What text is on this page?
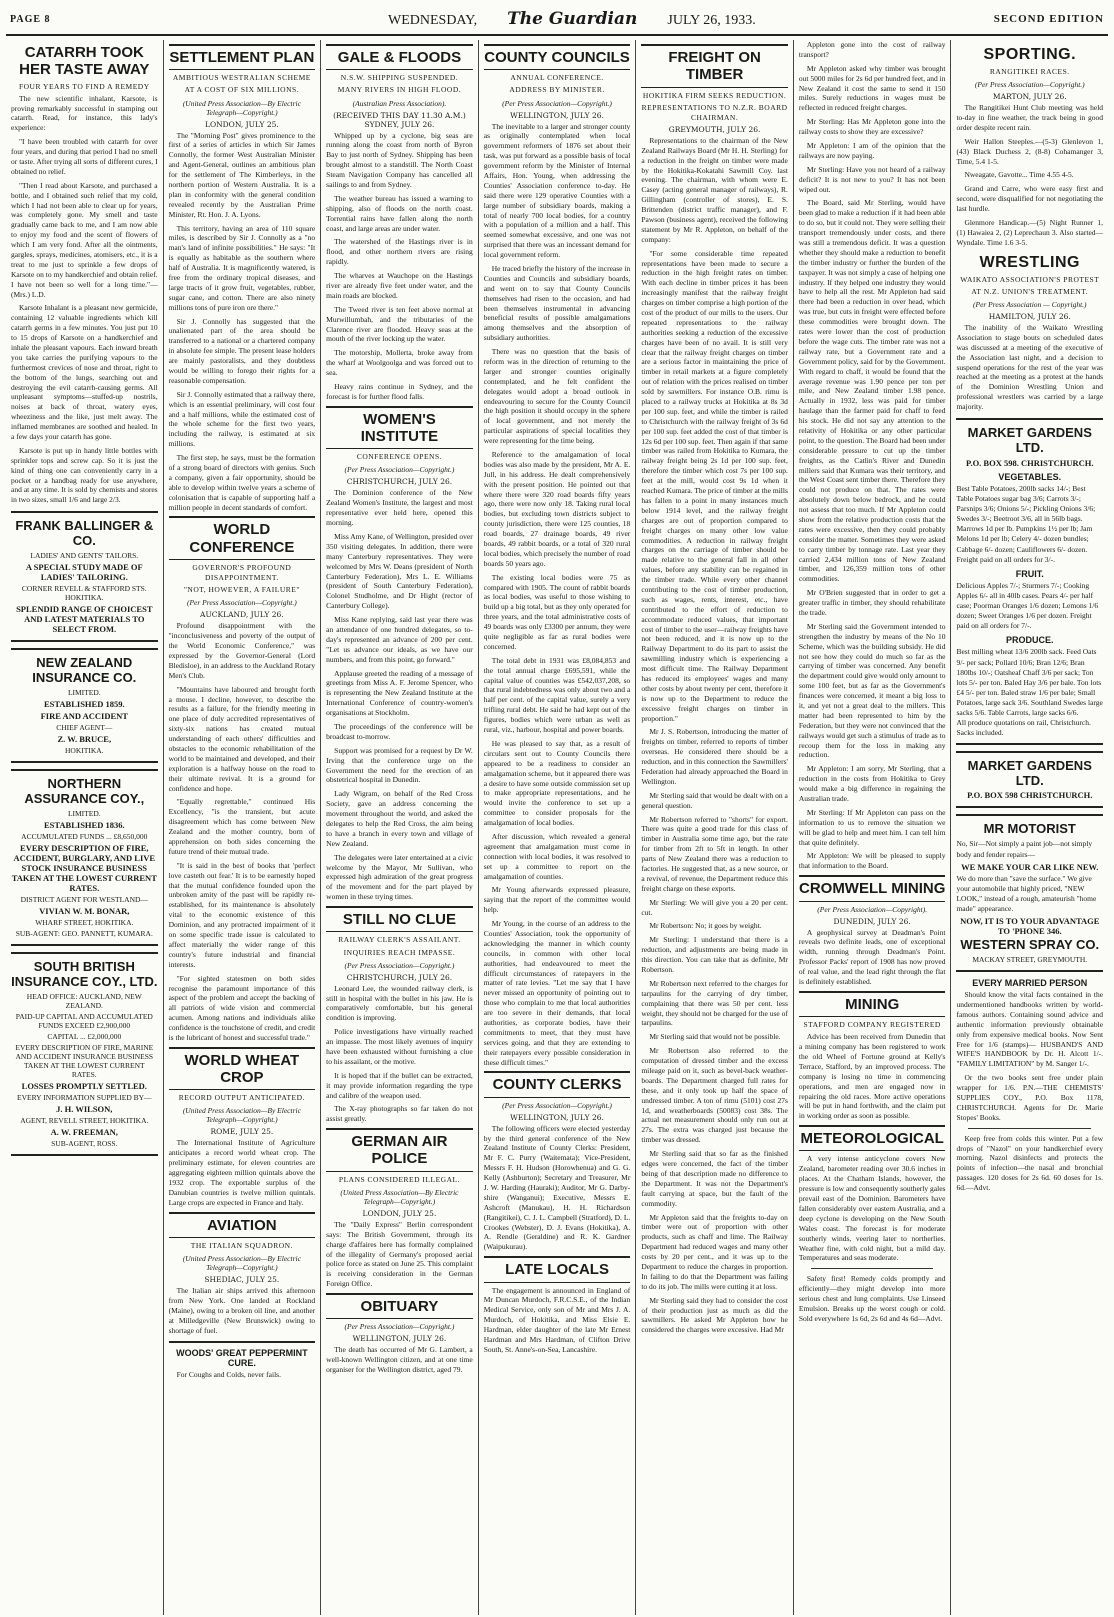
PAGE 8	WEDNESDAY, The Guardian JULY 26, 1933.	SECOND EDITION
CATARRH TOOK HER TASTE AWAY
FOUR YEARS TO FIND A REMEDY

The new scientific inhalant, Karsote, is proving remarkably successful in stamping out catarrh. Read, for instance, this lady's experience:

"I have been troubled with catarrh for over four years, and during that period I had no smell or taste. After trying all sorts of different cures, I obtained no relief.

"Then I read about Karsote, and purchased a bottle, and I obtained such relief that my cold, which I had not been able to clear up for years, was completely gone. My smell and taste gradually came back to me, and I am now able to enjoy my food and the scent of flowers of which I am very fond. After all the ointments, gargles, sprays, medicines, atomisers, etc., it is a treat to me just to sprinkle a few drops of Karsote on to my handkerchief and obtain relief. I have not been so well for a long time."—(Mrs.) L.D.

Karsote Inhalant is a pleasant new germicide, containing 12 valuable ingredients which kill catarrh germs in a few minutes. You just put 10 to 15 drops of Karsote on a handkerchief and inhale the pleasant vapours. Each inward breath you take carries the purifying vapours to the furthermost crevices of nose and throat, right to the bottom of the lungs, searching out and destroying the evil catarrh-causing germs. All unpleasant symptoms—stuffed-up nostrils, noises at back of throat, watery eyes, wheeziness and the like, just melt away. The inflamed membranes are soothed and healed. In a few days your catarrh has gone.

Karsote is put up in handy little bottles with sprinkler tops and screw cap. So it is just the kind of thing one can conveniently carry in a pocket or a handbag ready for use anywhere, and at any time. It is sold by chemists and stores in two sizes, small 1/6 and large 2/3.

FRANK BALLINGER & CO.
LADIES' AND GENTS' TAILORS.
A SPECIAL STUDY MADE OF LADIES' TAILORING.
CORNER REVELL & STAFFORD STS. HOKITIKA.
SPLENDID RANGE OF CHOICEST AND LATEST MATERIALS TO SELECT FROM.
NEW ZEALAND INSURANCE CO.
LIMITED.
ESTABLISHED 1859.
FIRE AND ACCIDENT
CHIEF AGENT—
Z. W. BRUCE,
HOKITIKA.
NORTHERN ASSURANCE COY.,
LIMITED.
ESTABLISHED 1836.
ACCUMULATED FUNDS ... £8,650,000
EVERY DESCRIPTION OF FIRE, ACCIDENT, BURGLARY, AND LIVE STOCK INSURANCE BUSINESS TAKEN AT THE LOWEST CURRENT RATES.
DISTRICT AGENT FOR WESTLAND—
VIVIAN W. M. BONAR,
WHARF STREET, HOKITIKA.
SUB-AGENT: GEO. PANNETT, KUMARA.
SOUTH BRITISH INSURANCE COY., LTD.
HEAD OFFICE: AUCKLAND, NEW ZEALAND.
PAID-UP CAPITAL AND ACCUMULATED FUNDS EXCEED £2,900,000
CAPITAL ... £2,000,000
EVERY DESCRIPTION OF FIRE, MARINE AND ACCIDENT INSURANCE BUSINESS TAKEN AT THE LOWEST CURRENT RATES.
LOSSES PROMPTLY SETTLED.
EVERY INFORMATION SUPPLIED BY—
J. H. WILSON,
AGENT, REVELL STREET, HOKITIKA.
A. W. FREEMAN,
SUB-AGENT, ROSS.
SETTLEMENT PLAN
AMBITIOUS WESTRALIAN SCHEME
AT A COST OF SIX MILLIONS.
(United Press Association—By Electric Telegraph—Copyright.)
LONDON, JULY 25.

The "Morning Post" gives prominence to the first of a series of articles in which Sir James Connolly, the former West Australian Minister and Agent-General, outlines an ambitious plan for the settlement of The Kimberleys, in the northern portion of Western Australia. It is a plan in conformity with the general condition revealed recently by the Australian Prime Minister, Rt. Hon. J. A. Lyons.

This territory, having an area of 110 square miles, is described by Sir J. Connolly as a "no man's land of infinite possibilities." He says: "It is equally as habitable as the southern where half of Australia. It is magnificently watered, is free from the ordinary tropical diseases, and large tracts of it grow fruit, vegetables, rubber, sugar cane, and cotton. There are also ninety millions tons of pure iron ore there."

Sir J. Connolly has suggested that the unalienated part of the area should be transferred to a national or a chartered company in absolute fee simple. The present lease holders are mainly pastoralists, and they doubtless would be willing to forego their rights for a reasonable compensation.

Sir J. Connolly estimated that a railway there, which is an essential preliminary, will cost four and a half millions, while the estimated cost of the whole scheme for the first two years, including the railway, is estimated at six millions.

The first step, he says, must be the formation of a strong board of directors with genius. Such a company, given a fair opportunity, should be able to develop within twelve years a scheme of colonisation that is capable of supporting half a million people in decent standards of comfort.

WORLD CONFERENCE
GOVERNOR'S PROFOUND DISAPPOINTMENT.
"NOT, HOWEVER, A FAILURE"
(Per Press Association—Copyright.)
AUCKLAND, JULY 26.

Profound disappointment with the "inconclusiveness and poverty of the output of the World Economic Conference," was expressed by the Governor-General (Lord Bledisloe), in an address to the Auckland Rotary Men's Club.

"Mountains have laboured and brought forth a mouse. I decline, however, to describe the results as a failure, for the friendly meeting in one place of duly accredited representatives of sixty-six nations has created mutual understanding of each others' difficulties and obstacles to the economic rehabilitation of the world to be maintained and developed, and their exploration is a halfway house on the road to their ultimate revival. It is a ground for confidence and hope.

"Equally regrettable," continued His Excellency, "is the transient, but acute disagreement which has come between New Zealand and the mother country, born of apprehension on both sides concerning the future trend of their mutual trade.

"It is said in the best of books that 'perfect love casteth out fear.' It is to be earnestly hoped that the mutual confidence founded upon the unbroken amity of the past will be rapidly re-established, for its maintenance is absolutely vital to the economic existence of this Dominion, and any protracted impairment of it on some specific trade issue is calculated to affect materially the wider range of this country's future industrial and financial interests.

"For sighted statesmen on both sides recognise the paramount importance of this aspect of the problem and accept the backing of all patriots of wide vision and commercial acumen. Among nations and individuals alike confidence is the touchstone of credit, and credit is the lubricant of honest and successful trade."

WORLD WHEAT CROP
RECORD OUTPUT ANTICIPATED.
(United Press Association—By Electric Telegraph—Copyright.)
ROME, JULY 25.

The International Institute of Agriculture anticipates a record world wheat crop. The preliminary estimate, for eleven countries are aggregating eighteen million quintals above the 1932 crop. The exportable surplus of the Danubian countries is twelve million quintals. Large crops are expected in France and Italy.

AVIATION
THE ITALIAN SQUADRON.
(United Press Association—By Electric Telegraph—Copyright.)
SHEDIAC, JULY 25.

The Italian air ships arrived this afternoon from New York. One landed at Rockland (Maine), owing to a broken oil line, and another at Milledgeville (New Brunswick) owing to shortage of fuel.

WOODS' GREAT PEPPERMINT CURE.

For Coughs and Colds, never fails.

GALE & FLOODS
N.S.W. SHIPPING SUSPENDED.
MANY RIVERS IN HIGH FLOOD.
(Australian Press Association).
(RECEIVED THIS DAY 11.30 A.M.) SYDNEY, JULY 26.

Whipped up by a cyclone, big seas are running along the coast from north of Byron Bay to just north of Sydney. Shipping has been brought almost to a standstill. The North Coast Steam Navigation Company has cancelled all sailings to and from Sydney.

The weather bureau has issued a warning to shipping, also of floods on the north coast. Torrential rains have fallen along the north coast, and large areas are under water.

The watershed of the Hastings river is in flood, and other northern rivers are rising rapidly.

The wharves at Wauchope on the Hastings river are already five feet under water, and the main roads are blocked.

The Tweed river is ten feet above normal at Murwillumbah, and the tributaries of the Clarence river are flooded. Heavy seas at the mouth of the river locking up the water.

The motorship, Mollerta, broke away from the wharf at Woolgoolga and was forced out to sea.

Heavy rains continue in Sydney, and the forecast is for further flood falls.

WOMEN'S INSTITUTE
CONFERENCE OPENS.
(Per Press Association—Copyright.)
CHRISTCHURCH, JULY 26.

The Dominion conference of the New Zealand Women's Institute, the largest and most representative ever held here, opened this morning.

Miss Amy Kane, of Wellington, presided over 350 visiting delegates. In addition, there were many Canterbury representatives. They were welcomed by Mrs W. Deans (president of North Canterbury Federation), Mrs L. E. Williams (president of South Canterbury Federation), Colonel Studholme, and Dr Hight (rector of Canterbury College).

Miss Kane replying, said last year there was an attendance of one hundred delegates, so to-day's represented an advance of 200 per cent. "Let us advance our ideals, as we have our numbers, and from this point, go forward."

Applause greeted the reading of a message of greetings from Miss A. F. Jerome Spencer, who is representing the New Zealand Institute at the International Conference of country-women's organisations at Stockholm.

The proceedings of the conference will be broadcast to-morrow.

Support was promised for a request by Dr W. Irving that the conference urge on the Government the need for the erection of an obstetrical hospital in Dunedin.

Lady Wigram, on behalf of the Red Cross Society, gave an address concerning the movement throughout the world, and asked the delegates to help the Red Cross, the aim being to have a branch in every town and village of New Zealand.

The delegates were later entertained at a civic welcome by the Mayor, Mr Sullivan, who expressed high admiration of the great progress of the movement and for the part played by women in these trying times.

STILL NO CLUE
RAILWAY CLERK'S ASSAILANT.
INQUIRIES REACH IMPASSE.
(Per Press Association—Copyright.)
CHRISTCHURCH, JULY 26.

Leonard Lee, the wounded railway clerk, is still in hospital with the bullet in his jaw. He is comparatively comfortable, but his general condition is improving.

Police investigations have virtually reached an impasse. The most likely avenues of inquiry have been exhausted without furnishing a clue to his assailant, or the motive.

It is hoped that if the bullet can be extracted, it may provide information regarding the type and calibre of the weapon used.

The X-ray photographs so far taken do not assist greatly.

GERMAN AIR POLICE
PLANS CONSIDERED ILLEGAL.
(United Press Association—By Electric Telegraph—Copyright.)
LONDON, JULY 25.

The "Daily Express" Berlin correspondent says: The British Government, through its charge d'affaires here has formally complained of the illegality of Germany's proposed aerial police force as stated on June 25. This complaint is receiving consideration in the German Foreign Office.

OBITUARY
(Per Press Association—Copyright.)
WELLINGTON, JULY 26.

The death has occurred of Mr G. Lambert, a well-known Wellington citizen, and at one time organiser for the Wellington district, aged 79.

COUNTY COUNCILS
ANNUAL CONFERENCE.
ADDRESS BY MINISTER.
(Per Press Association—Copyright.)
WELLINGTON, JULY 26.

The inevitable to a larger and stronger county as originally contemplated when local government reformers of 1876 set about their task, was put forward as a possible basis of local government reform by the Minister of Internal Affairs, Hon. Young, when addressing the Counties' Association conference to-day. He said there were 129 operative Counties with a large number of subsidiary boards, making a total of nearly 700 local bodies, for a country with a population of a million and a half. This seemed somewhat excessive, and one was not surprised that there was an incessant demand for local government reform.

He traced briefly the history of the increase in Counties and Councils and subsidiary boards, and went on to say that County Councils themselves had risen to the occasion, and had been themselves instrumental in advancing beneficial results of possible amalgamations among themselves and the absorption of subsidiary authorities.

There was no question that the basis of reform was in the direction of returning to the larger and stronger counties originally contemplated, and he felt confident the delegates would adopt a broad outlook in endeavouring to secure for the County Council the high position it should occupy in the sphere of local government, and not merely the particular aspirations of special localities they were representing for the time being.

Reference to the amalgamation of local bodies was also made by the president, Mr A. E. Jull, in his address. He dealt comprehensively with the present position. He pointed out that where there were 320 road boards fifty years ago, there were now only 18. Taking rural local bodies, but excluding town districts subject to county jurisdiction, there were 125 counties, 18 road boards, 27 drainage boards, 49 river boards, 49 rabbit boards, or a total of 320 rural local bodies, which precisely the number of road boards 50 years ago.

The existing local bodies were 75 as compared with 1905. The count of rabbit boards as local bodies, was useful to those wishing to build up a big total, but as they only operated for three years, and the total administrative costs of 49 boards was only £3300 per annum, they were quite negligible as far as rural bodies were concerned.

The total debt in 1931 was £8,084,853 and the total annual charge £695,591, while the capital value of counties was £542,037,208, so that rural indebtedness was only about two and a half per cent. of the capital value, surely a very trifling rural debt. He said he had kept out of the figures, bodies which were urban as well as rural, viz., harbour, hospital and power boards.

He was pleased to say that, as a result of circulars sent out to County Councils there appeared to be a readiness to consider an amalgamation scheme, but it appeared there was a desire to have some outside commission set up to make appropriate representations, and he would invite the conference to set up a committee to consider proposals for the amalgamation of local bodies.

After discussion, which revealed a general agreement that amalgamation must come in connection with local bodies, it was resolved to set up a committee to report on the amalgamation of counties.

Mr Young afterwards expressed pleasure, saying that the report of the committee would help.

Mr Young, in the course of an address to the Counties' Association, took the opportunity of acknowledging the manner in which county councils, in common with other local authorities, had endeavoured to meet the difficult circumstances of ratepayers in the matter of rate levies. "Let me say that I have never missed an opportunity of pointing out to those who complain to me that local authorities are too severe in their demands, that local authorities, as corporate bodies, have their commitments to meet, that they must have services going, and that they are extending to their ratepayers every possible consideration in these difficult times."

COUNTY CLERKS
(Per Press Association—Copyright.)
WELLINGTON, JULY 26.

The following officers were elected yesterday by the third general conference of the New Zealand Institute of County Clerks: President, Mr F. C. Purry (Waitemata); Vice-President, Messrs F. H. Hudson (Horowhenua) and G. G. Kelly (Ashburton); Secretary and Treasurer, Mr J. W. Harding (Hauraki); Auditor, Mr G. Darby-shire (Wanganui); Executive, Messrs E. Ashcroft (Manukau), H. H. Richardson (Rangitikei), C. J. L. Campbell (Stratford), D. L. Crookes (Webster), D. J. Evans (Hokitika), A. A. Rendle (Geraldine) and R. K. Gardner (Waipukurau).

LATE LOCALS

The engagement is announced in England of Mr Duncan Murdoch, F.R.C.S.E., of the Indian Medical Service, only son of Mr and Mrs J. A. Murdoch, of Hokitika, and Miss Elsie E. Hardman, elder daughter of the late Mr Ernest Hardman and Mrs Hardman, of Clifton Drive South, St. Anne's-on-Sea, Lancashire.

FREIGHT ON TIMBER
HOKITIKA FIRM SEEKS REDUCTION.
REPRESENTATIONS TO N.Z.R. BOARD CHAIRMAN.
GREYMOUTH, JULY 26.

Representations to the chairman of the New Zealand Railways Board (Mr H. H. Sterling) for a reduction in the freight on timber were made by the Hokitika-Kokatahi Sawmill Coy. last evening. The chairman, with whom were E. Casey (acting general manager of railways), R. Gillingham (controller of stores), E. S. Brittenden (district traffic manager), and F. Pawson (business agent), received the following statement by Mr R. Appleton, on behalf of the company:

"For some considerable time repeated representations have been made to secure a reduction in the high freight rates on timber. With each decline in timber prices it has been increasingly manifest that the railway freight charges on timber comprise a high portion of the cost of the product of our mills to the users. Our repeated representations to the railway authorities seeking a reduction of the excessive charges have been of no avail. It is still very clear that the railway freight charges on timber are a serious factor in maintaining the price of timber in retail markets at a figure completely out of relation with the prices realised on timber sold by sawmillers. For instance O.B. rimu is placed to a railway trucks at Hokitika at 8s 3d per 100 sup. feet, and while the timber is railed to Christchurch with the railway freight of 3s 6d per 100 sup. feet added the cost of that timber is 12s 6d per 100 sup. feet. Then again if that same timber was railed from Hokitika to Kumara, the railway freight being 2s 1d per 100 sup. feet, therefore the timber which cost 7s per 100 sup. feet at the mill, would cost 9s 1d when it reached Kumara. The price of timber at the mills has fallen to a point in many instances much below 1914 level, and the railway freight charges are out of proportion compared to freight charges on many other low value commodities. A reduction in railway freight charges on the carriage of timber should be made relative to the general fall in all other values, before any stability can be regained in the timber trade. While every other channel contributing to the cost of timber production, such as wages, rents, interest, etc., have contributed to the effort of reduction to accommodate reduced values, that important cost of timber to the user—railway freights have not been reduced, and it is now up to the Railway Department to do its part to assist the sawmilling industry which is experiencing a most difficult time. The Railway Department has reduced its employees' wages and many other costs by about twenty per cent, therefore it is now up to the Department to reduce the excessive freight charges on timber in proportion."

Mr J. S. Robertson, introducing the matter of freights on timber, referred to reports of timber overseas. He considered there should be a reduction, and in this connection the Sawmillers' Federation had already approached the Board in Wellington.

Mr Sterling said that would be dealt with on a general question.

Mr Robertson referred to "shorts" for export. There was quite a good trade for this class of timber in Australia some time ago, but the rate for timber from 2ft to 5ft in length. In other parts of New Zealand there was a reduction to factories. He suggested that, as a new source, or a revival, of revenue, the Department reduce this freight charge on these exports.

Mr Sterling: We will give you a 20 per cent. cut.

Mr Robertson: No; it goes by weight.

Mr Sterling: I understand that there is a reduction, and adjustments are being made in this direction. You can take that as definite, Mr Robertson.

Mr Robertson next referred to the charges for tarpaulins for the carrying of dry timber, complaining that there was 50 per cent. less weight, they should not be charged for the use of tarpaulins.

Mr Sterling said that would not be possible.

Mr Robertson also referred to the computation of dressed timber and the excess mileage paid on it, such as bevel-back weather-boards. The Department charged full rates for these, and it only took up half the space of undressed timber. A ton of rimu (5101) cost 27s 1d, and weatherboards (50083) cost 38s. The actual net measurement should only run out at 27s. The extra was charged just because the timber was dressed.

Mr Sterling said that so far as the finished edges were concerned, the fact of the timber being of that description made no difference to the Department. It was not the Department's fault carrying at space, but the fault of the commodity.

Mr Appleton said that the freights to-day on timber were out of proportion with other products, such as chaff and lime. The Railway Department had reduced wages and many other costs by 20 per cent., and it was up to the Department to reduce the charges in proportion. In failing to do that the Department was failing to do its job. The mills were cutting it at loss.

Mr Sterling said they had to consider the cost of their production just as much as did the sawmillers. He asked Mr Appleton how he considered the charges were excessive. Had Mr

Appleton gone into the cost of railway transport?

Mr Appleton asked why timber was brought out 5000 miles for 2s 6d per hundred feet, and in New Zealand it cost the same to send it 150 miles. Surely reductions in wages must be reflected in reduced freight charges.

Mr Sterling: Has Mr Appleton gone into the railway costs to show they are excessive?

Mr Appleton: I am of the opinion that the railways are now paying.

Mr Sterling: Have you not heard of a railway deficit? It is not new to you? It has not been wiped out.

The Board, said Mr Sterling, would have been glad to make a reduction if it had been able to do so, but it could not. They were selling their transport tremendously under costs, and there was still a tremendous deficit. It was a question whether they should make a reduction to benefit the timber industry or further the burden of the taxpayer. It was not simply a case of helping one industry. If they helped one industry they would have to help all the rest. Mr Appleton had said there had been a reduction in over head, which was true, but cuts in freight were effected before these commodities were brought down. The rates were lower than the cost of production before the wage cuts. The timber rate was not a railway rate, but a Government rate and a Government policy, said for by the Government. With regard to chaff, it would be found that the average revenue was 1.90 pence per ton per mile, and New Zealand timber 1.98 pence. Actually in 1932, less was paid for timber haulage than the farmer paid for chaff to feed his stock. He did not say any attention to the relativity of Hokitika or any other particular point, to the question. The Board had been under considerable pressure to cut up the timber freights, as the Catlin's River and Dunedin millers said that Kumara was their territory, and the West Coast sent timber there. Therefore they could not produce on that. The rates were absolutely down below bedrock, and he could not assess that too much. If Mr Appleton could show from the relative production costs that the rates were excessive, then they could probably consider the matter. Sometimes they were asked to carry timber by tonnage rate. Last year they carried 2,434 million tons of New Zealand timber, and 126,359 million tons of other commodities.

Mr O'Brien suggested that in order to get a greater traffic in timber, they should rehabilitate the trade.

Mr Sterling said the Government intended to strengthen the industry by means of the No 10 Scheme, which was the building subsidy. He did not see how they could do much so far as the carrying of timber was concerned. Any benefit the department could give would only amount to some 100 feet, but as far as the Government's finances were concerned, it meant a big loss to it, and yet not a great deal to the millers. This matter had been represented to him by the Federation, but they were not convinced that the railways would get such a stimulus of trade as to recoup them for the loss in making any reduction.

Mr Appleton: I am sorry, Mr Sterling, that a reduction in the costs from Hokitika to Grey would make a big difference in regaining the Australian trade.

Mr Sterling: If Mr Appleton can pass on the information to us to remove the situation we will be glad to help and meet him. I can tell him that quite definitely.

Mr Appleton: We will be pleased to supply that information to the Board.

CROMWELL MINING
(Per Press Association—Copyright).
DUNEDIN, JULY 26.

A geophysical survey at Deadman's Point reveals two definite leads, one of exceptional width, running through Deadman's Point. Professor Packs' report of 1908 has now proved of real value, and the lead right through the flat is definitely established.

MINING
STAFFORD COMPANY REGISTERED

Advice has been received from Dunedin that a mining company has been registered to work the old Wheel of Fortune ground at Kelly's Terrace, Stafford, by an improved process. The company is losing no time in commencing operations, and men are engaged now in repairing the old races. More active operations will be put in hand forthwith, and the claim put in working order as soon as possible.

METEOROLOGICAL

A very intense anticyclone covers New Zealand, barometer reading over 30.6 inches in places. At the Chatham Islands, however, the pressure is low and consequently southerly gales prevail east of the Dominion. Barometers have fallen considerably over eastern Australia, and a deep cyclone is developing on the New South Wales coast. The forecast is for moderate southerly winds, veering later to northerlies. Weather fine, with cold night, but a mild day. Temperatures and seas moderate.

Safety first! Remedy colds promptly and efficiently—they might develop into more serious chest and lung complaints. Use Linseed Emulsion. Breaks up the worst cough or cold. Sold everywhere 1s 6d, 2s 6d and 4s 6d—Advt.

SPORTING.
RANGITIKEI RACES.
(Per Press Association—Copyright.)
MARTON, JULY 26.

The Rangitikei Hunt Club meeting was held to-day in fine weather, the track being in good order despite recent rain.

Weir Hallon Steeples.—(5-3) Glenlevon 1, (43) Black Duchess 2, (8-8) Cohamanger 3, Time, 5.4 1-5.

Nweagate, Gavotte... Time 4.55 4-5.

Grand and Carre, who were easy first and second, were disqualified for not negotiating the last hurdle.

Glenmore Handicap.—(5) Night Runner 1, (1) Hawaiea 2, (2) Leprechaun 3. Also started—Wyndale. Time 1.6 3-5.

WRESTLING
WAIKATO ASSOCIATION'S PROTEST
AT N.Z. UNION'S TREATMENT.
(Per Press Association — Copyright.)
HAMILTON, JULY 26.

The inability of the Waikato Wrestling Association to stage bouts on scheduled dates was discussed at a meeting of the executive of the Association last night, and a decision to suspend operations for the rest of the year was reached at the meeting as a protest at the hands of the Dominion Wrestling Union and professional wrestlers was carried by a large majority.

MARKET GARDENS LTD.
P.O. BOX 598. CHRISTCHURCH.
VEGETABLES.

Best Table Potatoes, 200lb sacks 14/-; Best Table Potatoes sugar bag 3/6; Carrots 3/-; Parsnips 3/6; Onions 5/-; Pickling Onions 3/6; Swedes 3/-; Beetroot 3/6, all in 56lb bags. Marrows 1d per lb. Pumpkins 1½ per lb; Jam Melons 1d per lb; Celery 4/- dozen bundles; Cabbage 6/- dozen; Cauliflowers 6/- dozen. Freight paid on all orders for 3/-.

FRUIT.

Delicious Apples 7/-; Sturmers 7/-; Cooking Apples 6/- all in 40lb cases. Pears 4/- per half case; Poorman Oranges 1/6 dozen; Lemons 1/6 dozen; Sweet Oranges 1/6 per dozen. Freight paid on all orders for 7/-.

PRODUCE.

Best milling wheat 13/6 200lb sack. Feed Oats 9/- per sack; Pollard 10/6; Bran 12/6; Bran 180lbs 10/-; Oatsheaf Chaff 3/6 per sack; Ton lots 5/- per ton. Baled Hay 3/6 per bale. Ton lots £4 5/- per ton. Baled straw 1/6 per bale; Small Potatoes, large sack 3/6. Southland Swedes large sacks 5/6. Table Carrots, large sacks 6/6.

All produce quotations on rail, Christchurch. Sacks included.

MARKET GARDENS LTD.
P.O. BOX 598 CHRISTCHURCH.
MR MOTORIST

No, Sir—Not simply a paint job—not simply body and fender repairs—

WE MAKE YOUR CAR LIKE NEW.

We do more than "save the surface." We give your automobile that highly priced, "NEW LOOK," instead of a rough, amateurish "home made" appearance.

NOW, IT IS TO YOUR ADVANTAGE TO 'PHONE 346.
WESTERN SPRAY CO.
MACKAY STREET, GREYMOUTH.
EVERY MARRIED PERSON

Should know the vital facts contained in the undermentioned handbooks written by world-famous authors. Containing sound advice and authentic information previously obtainable only from expensive medical books. Now Sent Free for 1/6 (stamps)— HUSBAND'S AND WIFE'S HANDBOOK by Dr. H. Alcott 1/-. "FAMILY LIMITATION" by M. Sanger 1/-.

Or the two books sent free under plain wrapper for 1/6. P.N.—THE CHEMISTS' SUPPLIES COY., P.O. Box 1178, CHRISTCHURCH. Agents for Dr. Marie Stopes' Books.

Keep free from colds this winter. Put a few drops of "Nazol" on your handkerchief every morning. Nazol disinfects and protects the points of infection—the nasal and bronchial passages. 120 doses for 2s 6d. 60 doses for 1s. 6d.—Advt.
